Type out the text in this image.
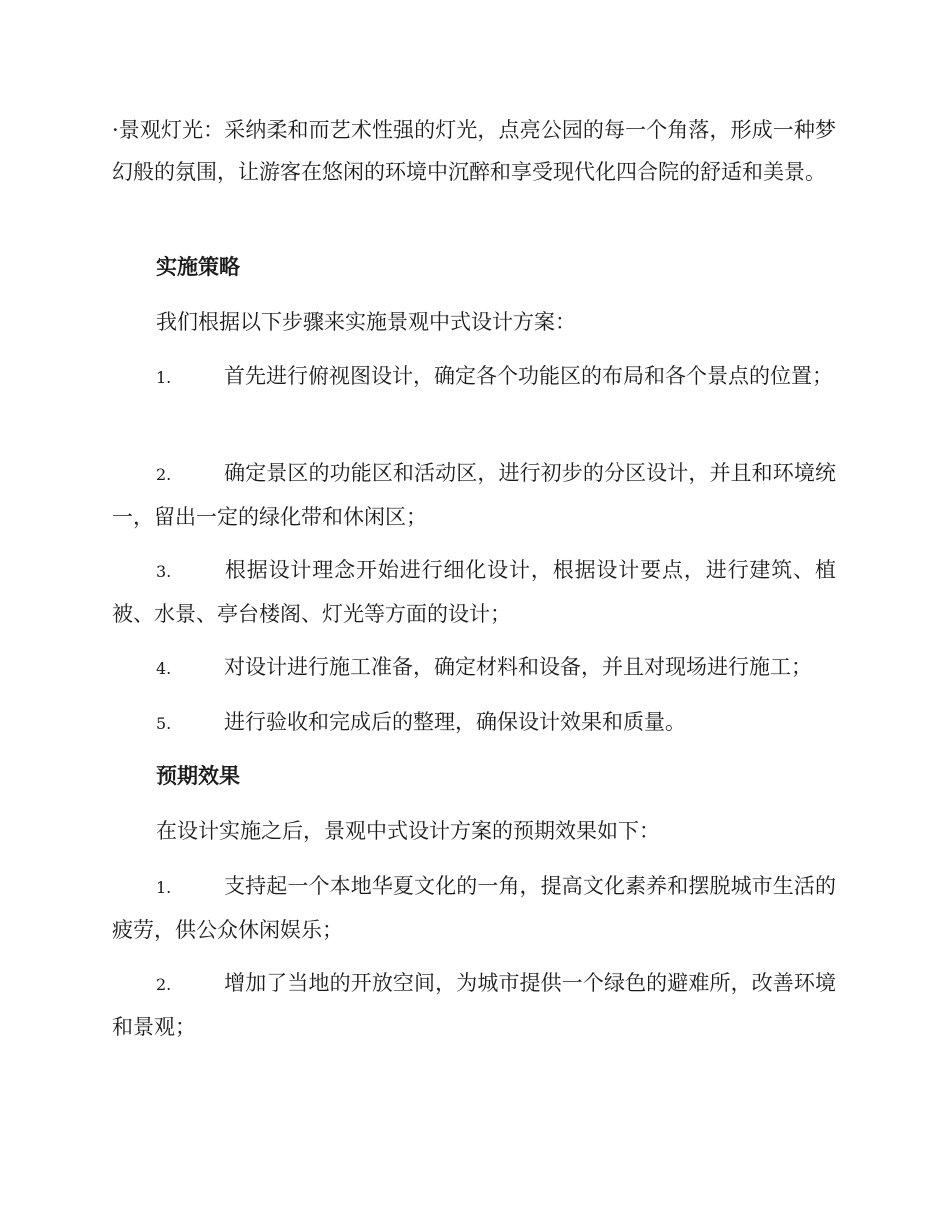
·景观灯光：采纳柔和而艺术性强的灯光，点亮公园的每一个角落，形成一种梦幻般的氛围，让游客在悠闲的环境中沉醉和享受现代化四合院的舒适和美景。

实施策略

我们根据以下步骤来实施景观中式设计方案：

1.	首先进行俯视图设计，确定各个功能区的布局和各个景点的位置；

2.	确定景区的功能区和活动区，进行初步的分区设计，并且和环境统一，留出一定的绿化带和休闲区；

3.	根据设计理念开始进行细化设计，根据设计要点，进行建筑、植被、水景、亭台楼阁、灯光等方面的设计；

4.	对设计进行施工准备，确定材料和设备，并且对现场进行施工；

5.	进行验收和完成后的整理，确保设计效果和质量。

预期效果

在设计实施之后，景观中式设计方案的预期效果如下：

1.	支持起一个本地华夏文化的一角，提高文化素养和摆脱城市生活的疲劳，供公众休闲娱乐；

2.	增加了当地的开放空间，为城市提供一个绿色的避难所，改善环境和景观；
